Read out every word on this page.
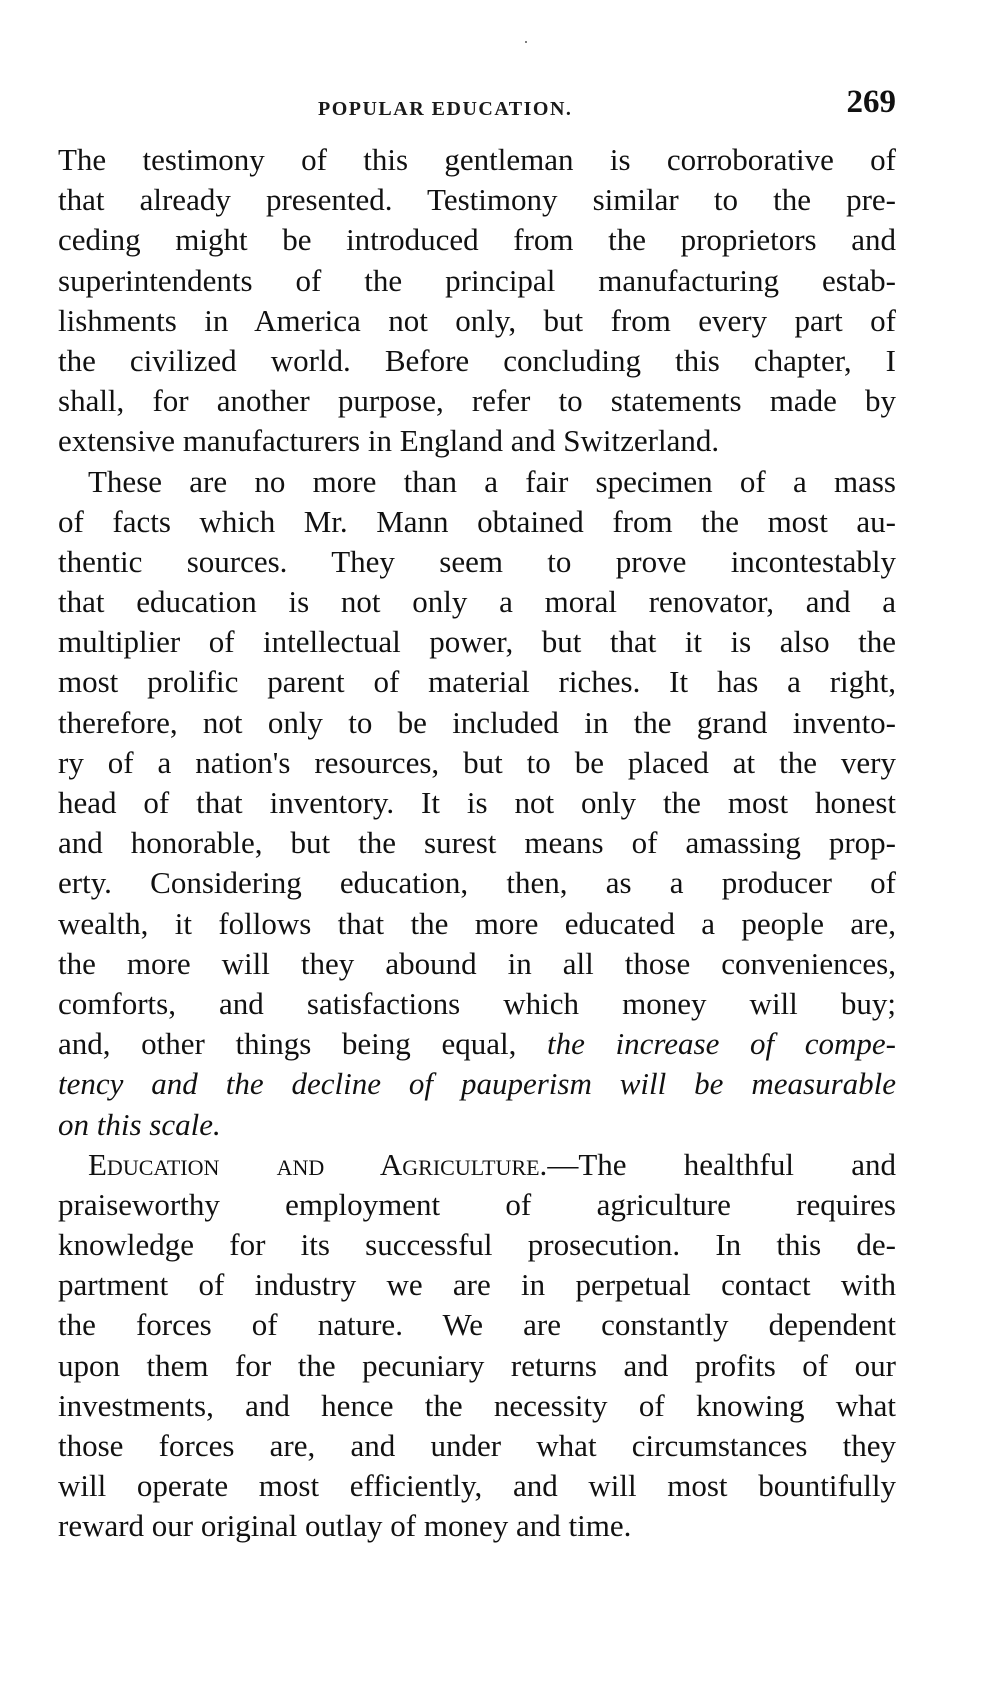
POPULAR EDUCATION.	269
The testimony of this gentleman is corroborative of
that already presented. Testimony similar to the pre-
ceding might be introduced from the proprietors and
superintendents of the principal manufacturing estab-
lishments in America not only, but from every part of
the civilized world. Before concluding this chapter, I
shall, for another purpose, refer to statements made by
extensive manufacturers in England and Switzerland.
These are no more than a fair specimen of a mass
of facts which Mr. Mann obtained from the most au-
thentic sources. They seem to prove incontestably
that education is not only a moral renovator, and a
multiplier of intellectual power, but that it is also the
most prolific parent of material riches. It has a right,
therefore, not only to be included in the grand invento-
ry of a nation's resources, but to be placed at the very
head of that inventory. It is not only the most honest
and honorable, but the surest means of amassing prop-
erty. Considering education, then, as a producer of
wealth, it follows that the more educated a people are,
the more will they abound in all those conveniences,
comforts, and satisfactions which money will buy;
and, other things being equal, the increase of compe-
tency and the decline of pauperism will be measurable
on this scale.
Education and Agriculture.—The healthful and
praiseworthy employment of agriculture requires
knowledge for its successful prosecution. In this de-
partment of industry we are in perpetual contact with
the forces of nature. We are constantly dependent
upon them for the pecuniary returns and profits of our
investments, and hence the necessity of knowing what
those forces are, and under what circumstances they
will operate most efficiently, and will most bountifully
reward our original outlay of money and time.
